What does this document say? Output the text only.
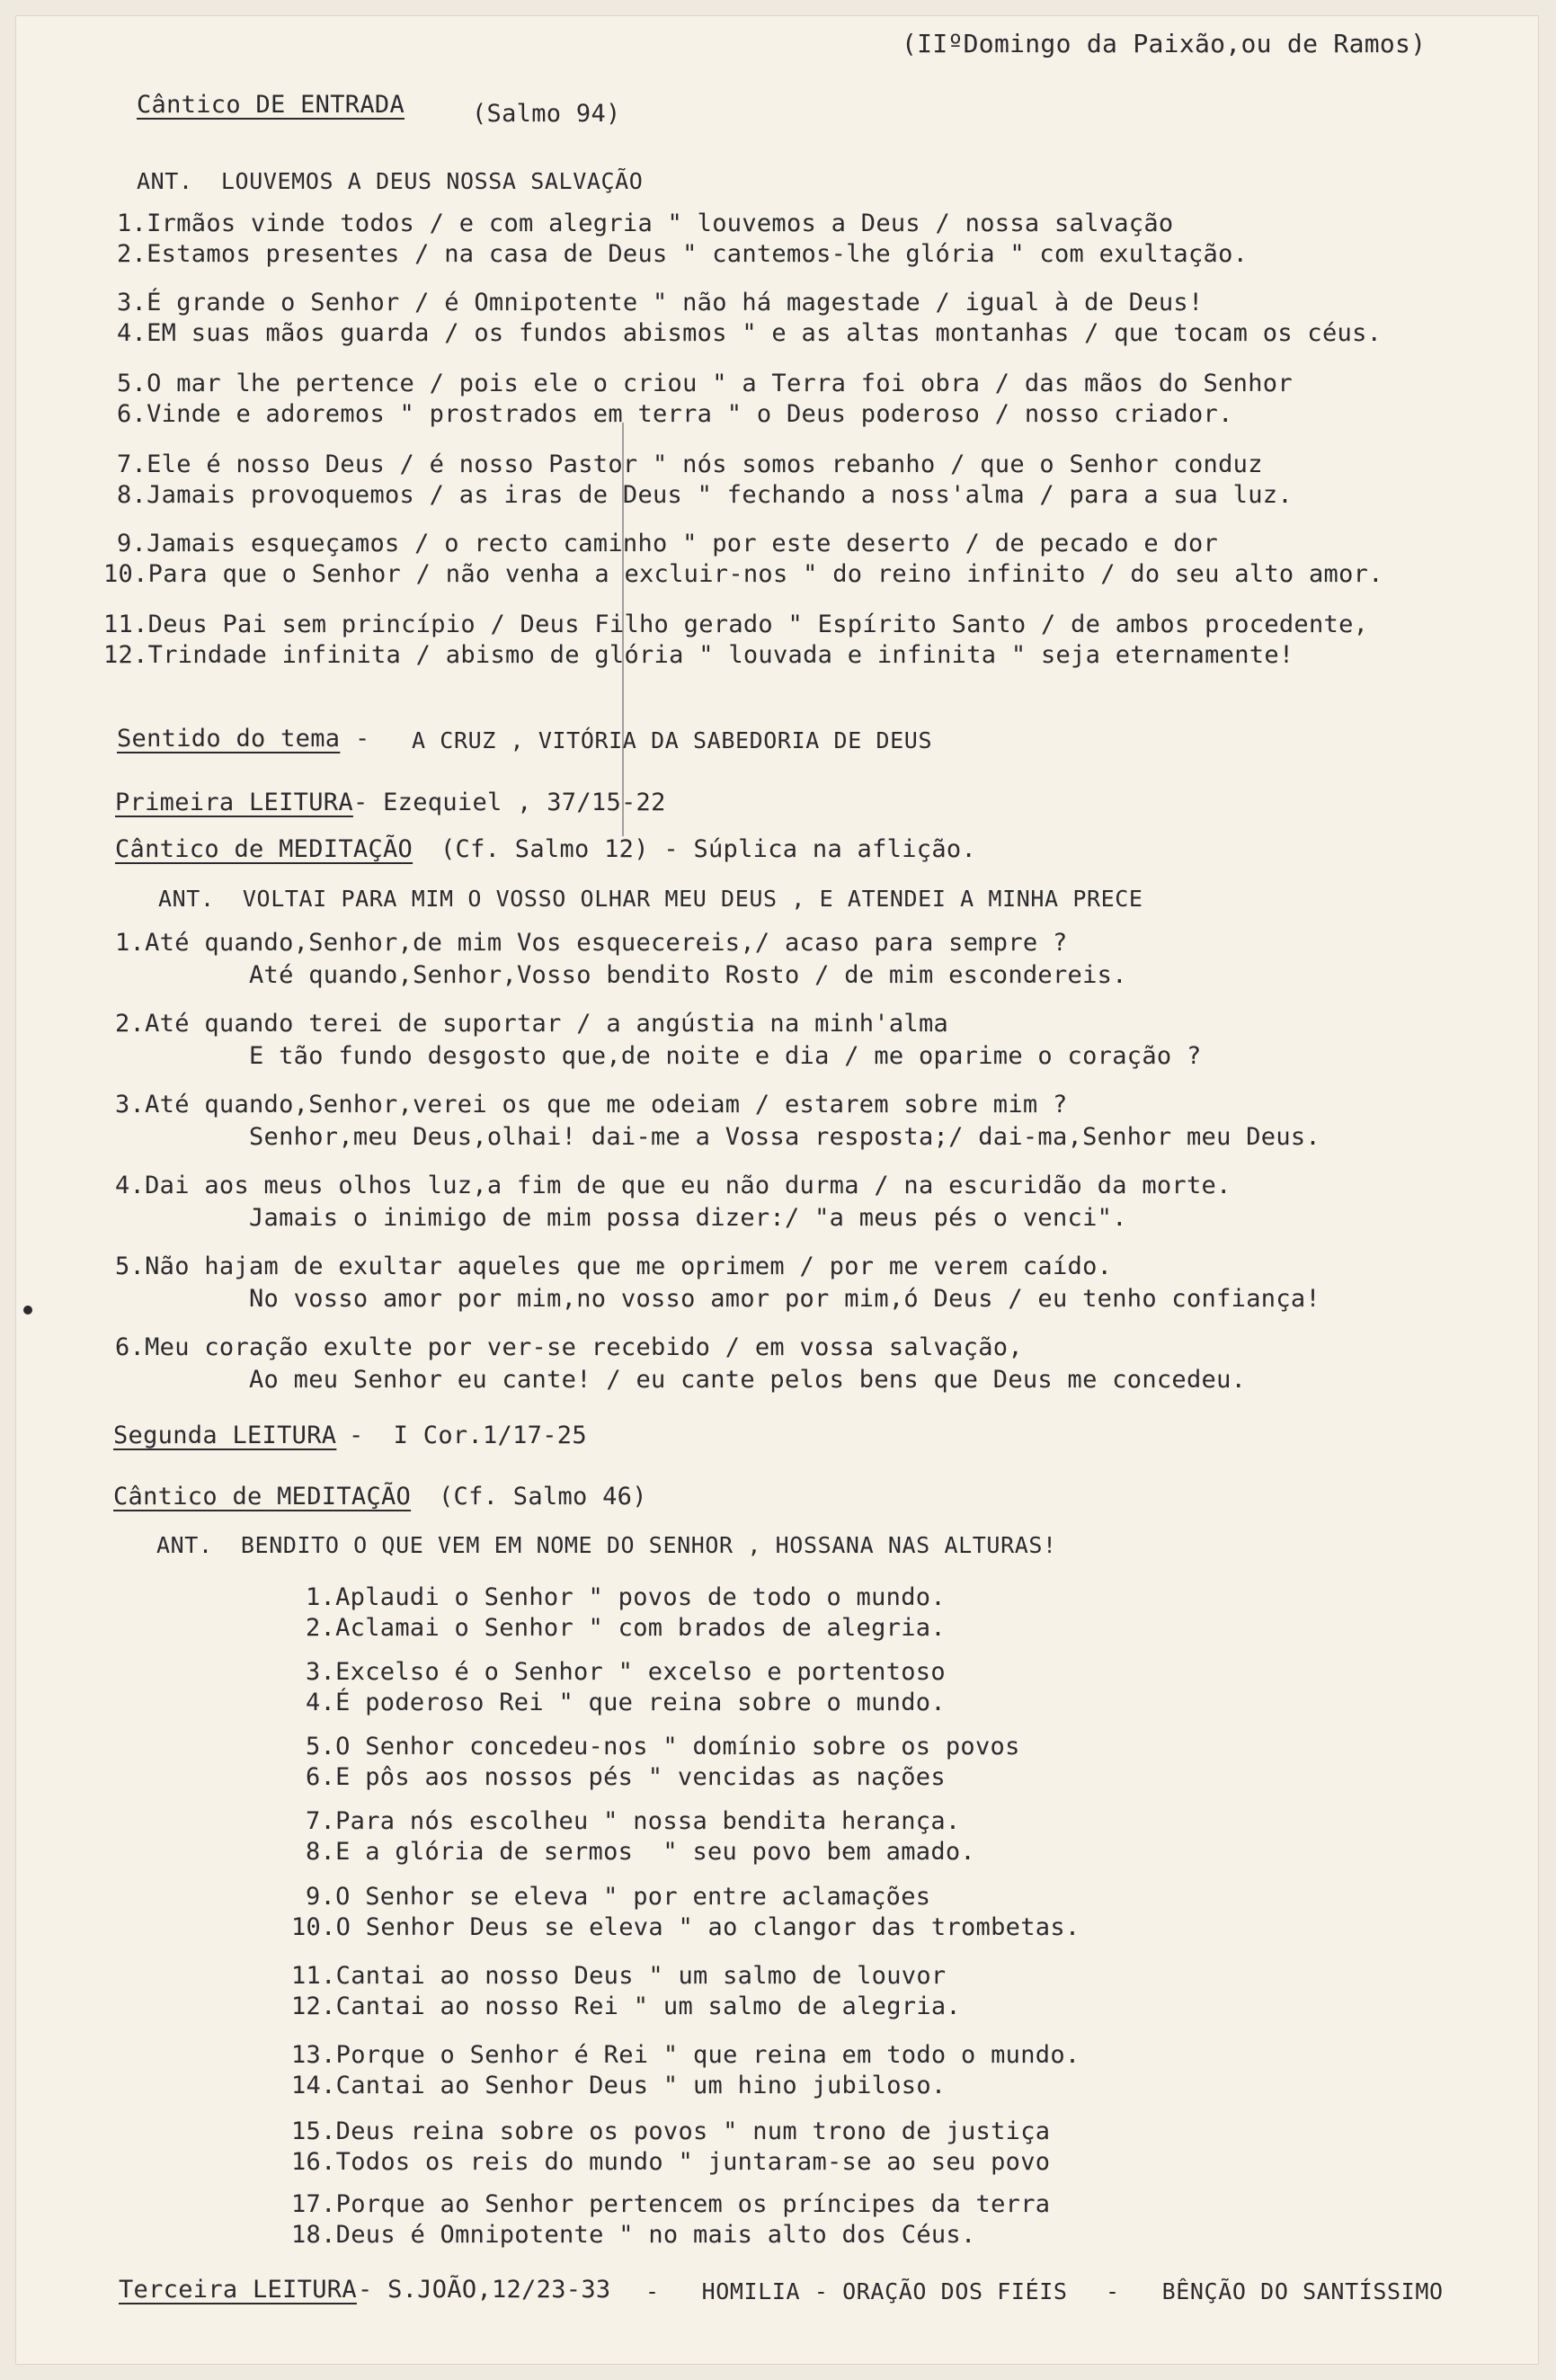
(IIºDomingo da Paixão,ou de Ramos)
Cântico DE ENTRADA	(Salmo 94)
ANT.  LOUVEMOS A DEUS NOSSA SALVAÇÃO
1.Irmãos vinde todos / e com alegria " louvemos a Deus / nossa salvação
2.Estamos presentes / na casa de Deus " cantemos-lhe glória " com exultação.
3.É grande o Senhor / é Omnipotente " não há magestade / igual à de Deus!
4.EM suas mãos guarda / os fundos abismos " e as altas montanhas / que tocam os céus.
5.O mar lhe pertence / pois ele o criou " a Terra foi obra / das mãos do Senhor
6.Vinde e adoremos " prostrados em terra " o Deus poderoso / nosso criador.
7.Ele é nosso Deus / é nosso Pastor " nós somos rebanho / que o Senhor conduz
8.Jamais provoquemos / as iras de Deus " fechando a noss'alma / para a sua luz.
9.Jamais esqueçamos / o recto caminho " por este deserto / de pecado e dor
10.Para que o Senhor / não venha a excluir-nos " do reino infinito / do seu alto amor.
11.Deus Pai sem princípio / Deus Filho gerado " Espírito Santo / de ambos procedente,
12.Trindade infinita / abismo de glória " louvada e infinita " seja eternamente!
Sentido do tema - A CRUZ , VITÓRIA DA SABEDORIA DE DEUS
Primeira LEITURA - Ezequiel , 37/15-22
Cântico de MEDITAÇÃO (Cf. Salmo 12) - Súplica na aflição.
ANT.  VOLTAI PARA MIM O VOSSO OLHAR MEU DEUS , E ATENDEI A MINHA PRECE
1.Até quando,Senhor,de mim Vos esquecereis,/ acaso para sempre ?
Até quando,Senhor,Vosso bendito Rosto / de mim escondereis.
2.Até quando terei de suportar / a angústia na minh'alma
E tão fundo desgosto que,de noite e dia / me oparime o coração ?
3.Até quando,Senhor,verei os que me odeiam / estarem sobre mim ?
Senhor,meu Deus,olhai! dai-me a Vossa resposta;/ dai-ma,Senhor meu Deus.
4.Dai aos meus olhos luz,a fim de que eu não durma / na escuridão da morte.
Jamais o inimigo de mim possa dizer:/ "a meus pés o venci".
5.Não hajam de exultar aqueles que me oprimem / por me verem caído.
No vosso amor por mim,no vosso amor por mim,ó Deus / eu tenho confiança!
6.Meu coração exulte por ver-se recebido / em vossa salvação,
Ao meu Senhor eu cante! / eu cante pelos bens que Deus me concedeu.
Segunda LEITURA -  I Cor.1/17-25
Cântico de MEDITAÇÃO (Cf. Salmo 46)
ANT.  BENDITO O QUE VEM EM NOME DO SENHOR , HOSSANA NAS ALTURAS!
1.Aplaudi o Senhor " povos de todo o mundo.
2.Aclamai o Senhor " com brados de alegria.
3.Excelso é o Senhor " excelso e portentoso
4.É poderoso Rei " que reina sobre o mundo.
5.O Senhor concedeu-nos " domínio sobre os povos
6.E pôs aos nossos pés " vencidas as nações
7.Para nós escolheu " nossa bendita herança.
8.E a glória de sermos  " seu povo bem amado.
9.O Senhor se eleva " por entre aclamações
10.O Senhor Deus se eleva " ao clangor das trombetas.
11.Cantai ao nosso Deus " um salmo de louvor
12.Cantai ao nosso Rei " um salmo de alegria.
13.Porque o Senhor é Rei " que reina em todo o mundo.
14.Cantai ao Senhor Deus " um hino jubiloso.
15.Deus reina sobre os povos " num trono de justiça
16.Todos os reis do mundo " juntaram-se ao seu povo
17.Porque ao Senhor pertencem os príncipes da terra
18.Deus é Omnipotente " no mais alto dos Céus.
Terceira LEITURA - S.JOÃO,12/23-33 -   HOMILIA - ORAÇÃO DOS FIÉIS -   BÊNÇÃO DO SANTÍSSIMO
